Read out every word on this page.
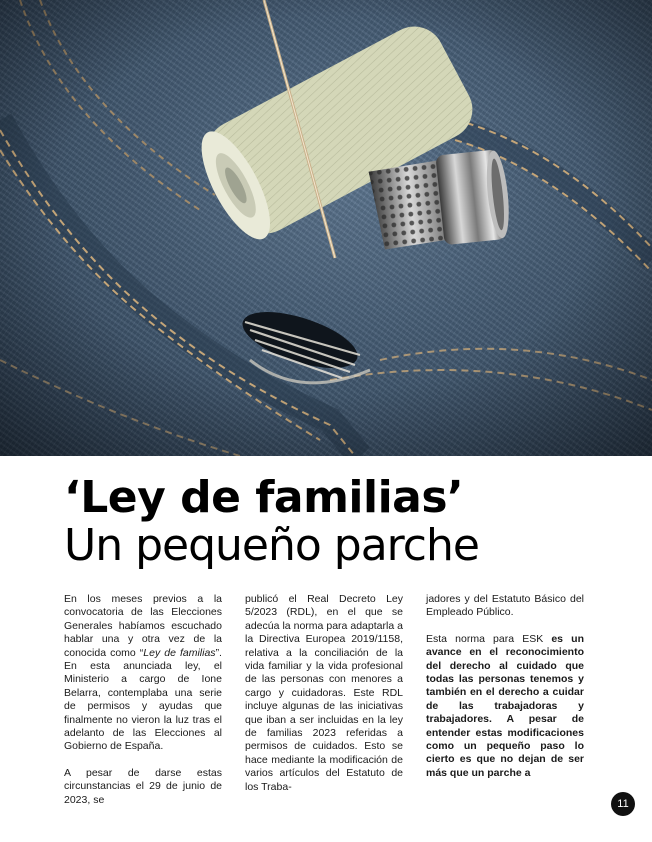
‘Ley de familias’
Un pequeño parche

En los meses previos a la convocatoria de las Elecciones Generales habíamos escuchado hablar una y otra vez de la conocida como “Ley de familias”. En esta anunciada ley, el Ministerio a cargo de Ione Belarra, contemplaba una serie de permisos y ayudas que finalmente no vieron la luz tras el adelanto de las Elecciones al Gobierno de España.

A pesar de darse estas circunstancias el 29 de junio de 2023, se

publicó el Real Decreto Ley 5/2023 (RDL), en el que se adecúa la norma para adaptarla a la Directiva Europea 2019/1158, relativa a la conciliación de la vida familiar y la vida profesional de las personas con menores a cargo y cuidadoras. Este RDL incluye algunas de las iniciativas que iban a ser incluidas en la ley de familias 2023 referidas a permisos de cuidados. Esto se hace mediante la modificación de varios artículos del Estatuto de los Traba-

jadores y del Estatuto Básico del Empleado Público.

Esta norma para ESK es un avance en el reconocimiento del derecho al cuidado que todas las personas tenemos y también en el derecho a cuidar de las trabajadoras y trabajadores. A pesar de entender estas modificaciones como un pequeño paso lo cierto es que no dejan de ser más que un parche a

11
